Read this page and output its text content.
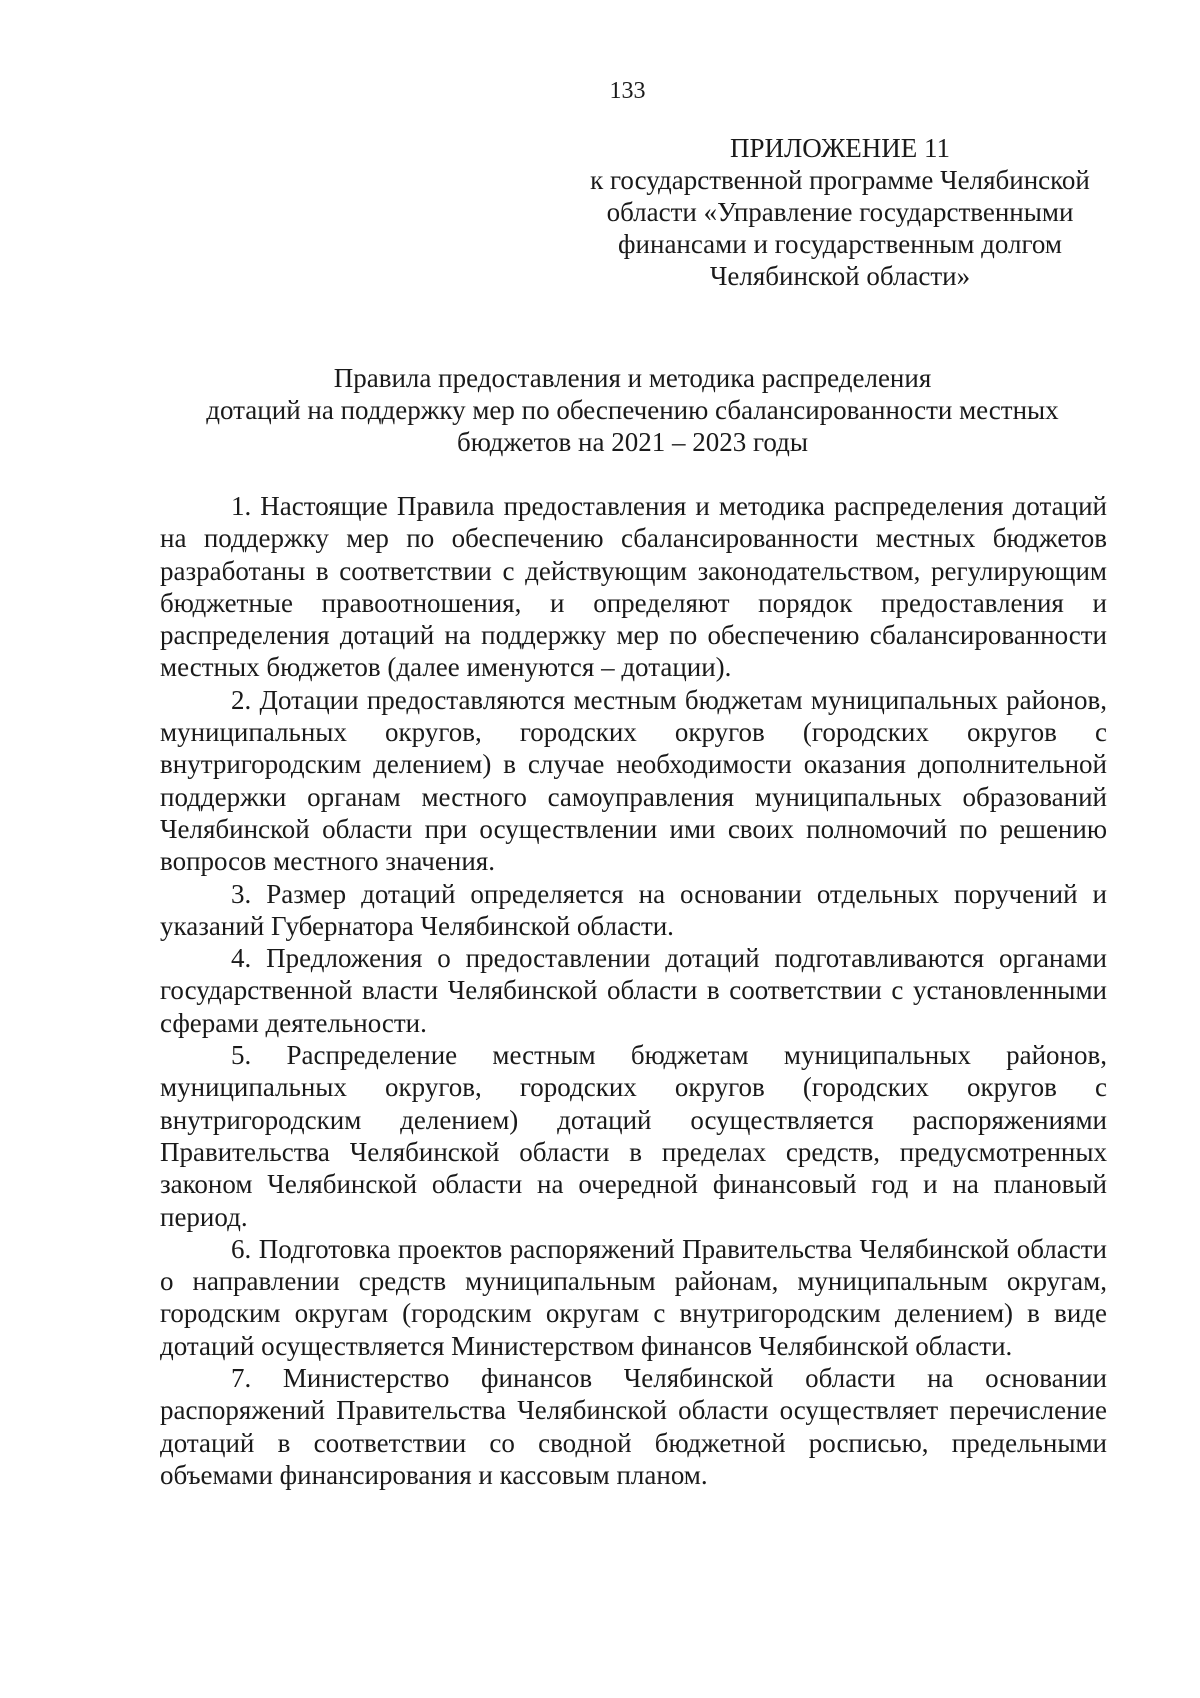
133
ПРИЛОЖЕНИЕ 11
к государственной программе Челябинской
области «Управление государственными
финансами и государственным долгом
Челябинской области»
Правила предоставления и методика распределения
дотаций на поддержку мер по обеспечению сбалансированности местных
бюджетов на 2021 – 2023 годы

1. Настоящие Правила предоставления и методика распределения дотаций на поддержку мер по обеспечению сбалансированности местных бюджетов разработаны в соответствии с действующим законодательством, регулирующим бюджетные правоотношения, и определяют порядок предоставления и распределения дотаций на поддержку мер по обеспечению сбалансированности местных бюджетов (далее именуются – дотации).

2. Дотации предоставляются местным бюджетам муниципальных районов, муниципальных округов, городских округов (городских округов с внутригородским делением) в случае необходимости оказания дополнительной поддержки органам местного самоуправления муниципальных образований Челябинской области при осуществлении ими своих полномочий по решению вопросов местного значения.

3. Размер дотаций определяется на основании отдельных поручений и указаний Губернатора Челябинской области.

4. Предложения о предоставлении дотаций подготавливаются органами государственной власти Челябинской области в соответствии с установленными сферами деятельности.

5. Распределение местным бюджетам муниципальных районов, муниципальных округов, городских округов (городских округов с внутригородским делением) дотаций осуществляется распоряжениями Правительства Челябинской области в пределах средств, предусмотренных законом Челябинской области на очередной финансовый год и на плановый период.

6. Подготовка проектов распоряжений Правительства Челябинской области о направлении средств муниципальным районам, муниципальным округам, городским округам (городским округам с внутригородским делением) в виде дотаций осуществляется Министерством финансов Челябинской области.

7. Министерство финансов Челябинской области на основании распоряжений Правительства Челябинской области осуществляет перечисление дотаций в соответствии со сводной бюджетной росписью, предельными объемами финансирования и кассовым планом.
